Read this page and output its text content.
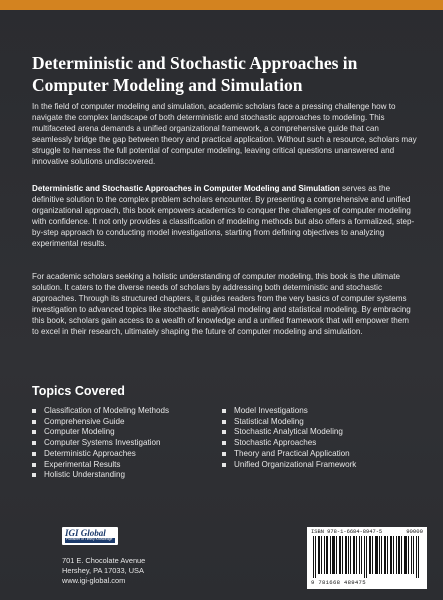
Deterministic and Stochastic Approaches in Computer Modeling and Simulation

In the field of computer modeling and simulation, academic scholars face a pressing challenge how to navigate the complex landscape of both deterministic and stochastic approaches to modeling. This multifaceted arena demands a unified organizational framework, a comprehensive guide that can seamlessly bridge the gap between theory and practical application. Without such a resource, scholars may struggle to harness the full potential of computer modeling, leaving critical questions unanswered and innovative solutions undiscovered.

Deterministic and Stochastic Approaches in Computer Modeling and Simulation serves as the definitive solution to the complex problem scholars encounter. By presenting a comprehensive and unified organizational approach, this book empowers academics to conquer the challenges of computer modeling with confidence. It not only provides a classification of modeling methods but also offers a formalized, step-by-step approach to conducting model investigations, starting from defining objectives to analyzing experimental results.

For academic scholars seeking a holistic understanding of computer modeling, this book is the ultimate solution. It caters to the diverse needs of scholars by addressing both deterministic and stochastic approaches. Through its structured chapters, it guides readers from the very basics of computer systems investigation to advanced topics like stochastic analytical modeling and statistical modeling. By embracing this book, scholars gain access to a wealth of knowledge and a unified framework that will empower them to excel in their research, ultimately shaping the future of computer modeling and simulation.

Topics Covered
Classification of Modeling Methods
Comprehensive Guide
Computer Modeling
Computer Systems Investigation
Deterministic Approaches
Experimental Results
Holistic Understanding
Model Investigations
Statistical Modeling
Stochastic Analytical Modeling
Stochastic Approaches
Theory and Practical Application
Unified Organizational Framework
IGI Global
Publisher of Timely Knowledge
701 E. Chocolate Avenue
Hershey, PA 17033, USA
www.igi-global.com
ISBN 978-1-6684-8947-5	90000
9 781668 489475
